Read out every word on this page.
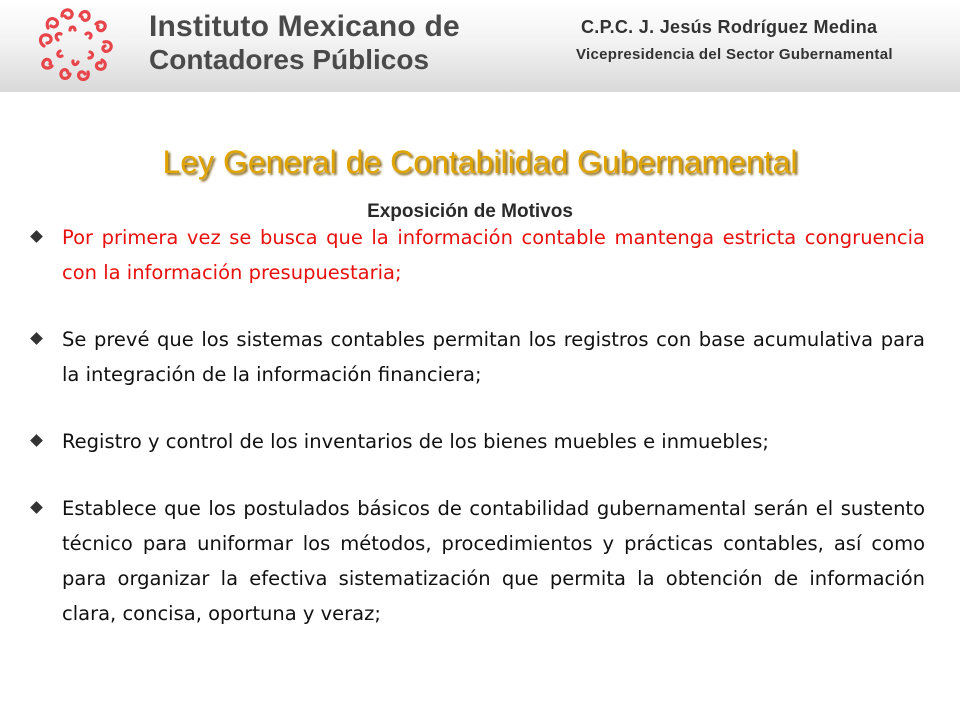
Instituto Mexicano de
Contadores Públicos
C.P.C. J. Jesús Rodríguez Medina
Vicepresidencia del Sector Gubernamental
Ley General de Contabilidad Gubernamental
Exposición de Motivos
Por primera vez se busca que la información contable mantenga estricta congruencia con la información presupuestaria;
Se prevé que los sistemas contables permitan los registros con base acumulativa para la integración de la información financiera;
Registro y control de los inventarios de los bienes muebles e inmuebles;
Establece que los postulados básicos de contabilidad gubernamental serán el sustento técnico para uniformar los métodos, procedimientos y prácticas contables, así como para organizar la efectiva sistematización que permita la obtención de información clara, concisa, oportuna y veraz;
